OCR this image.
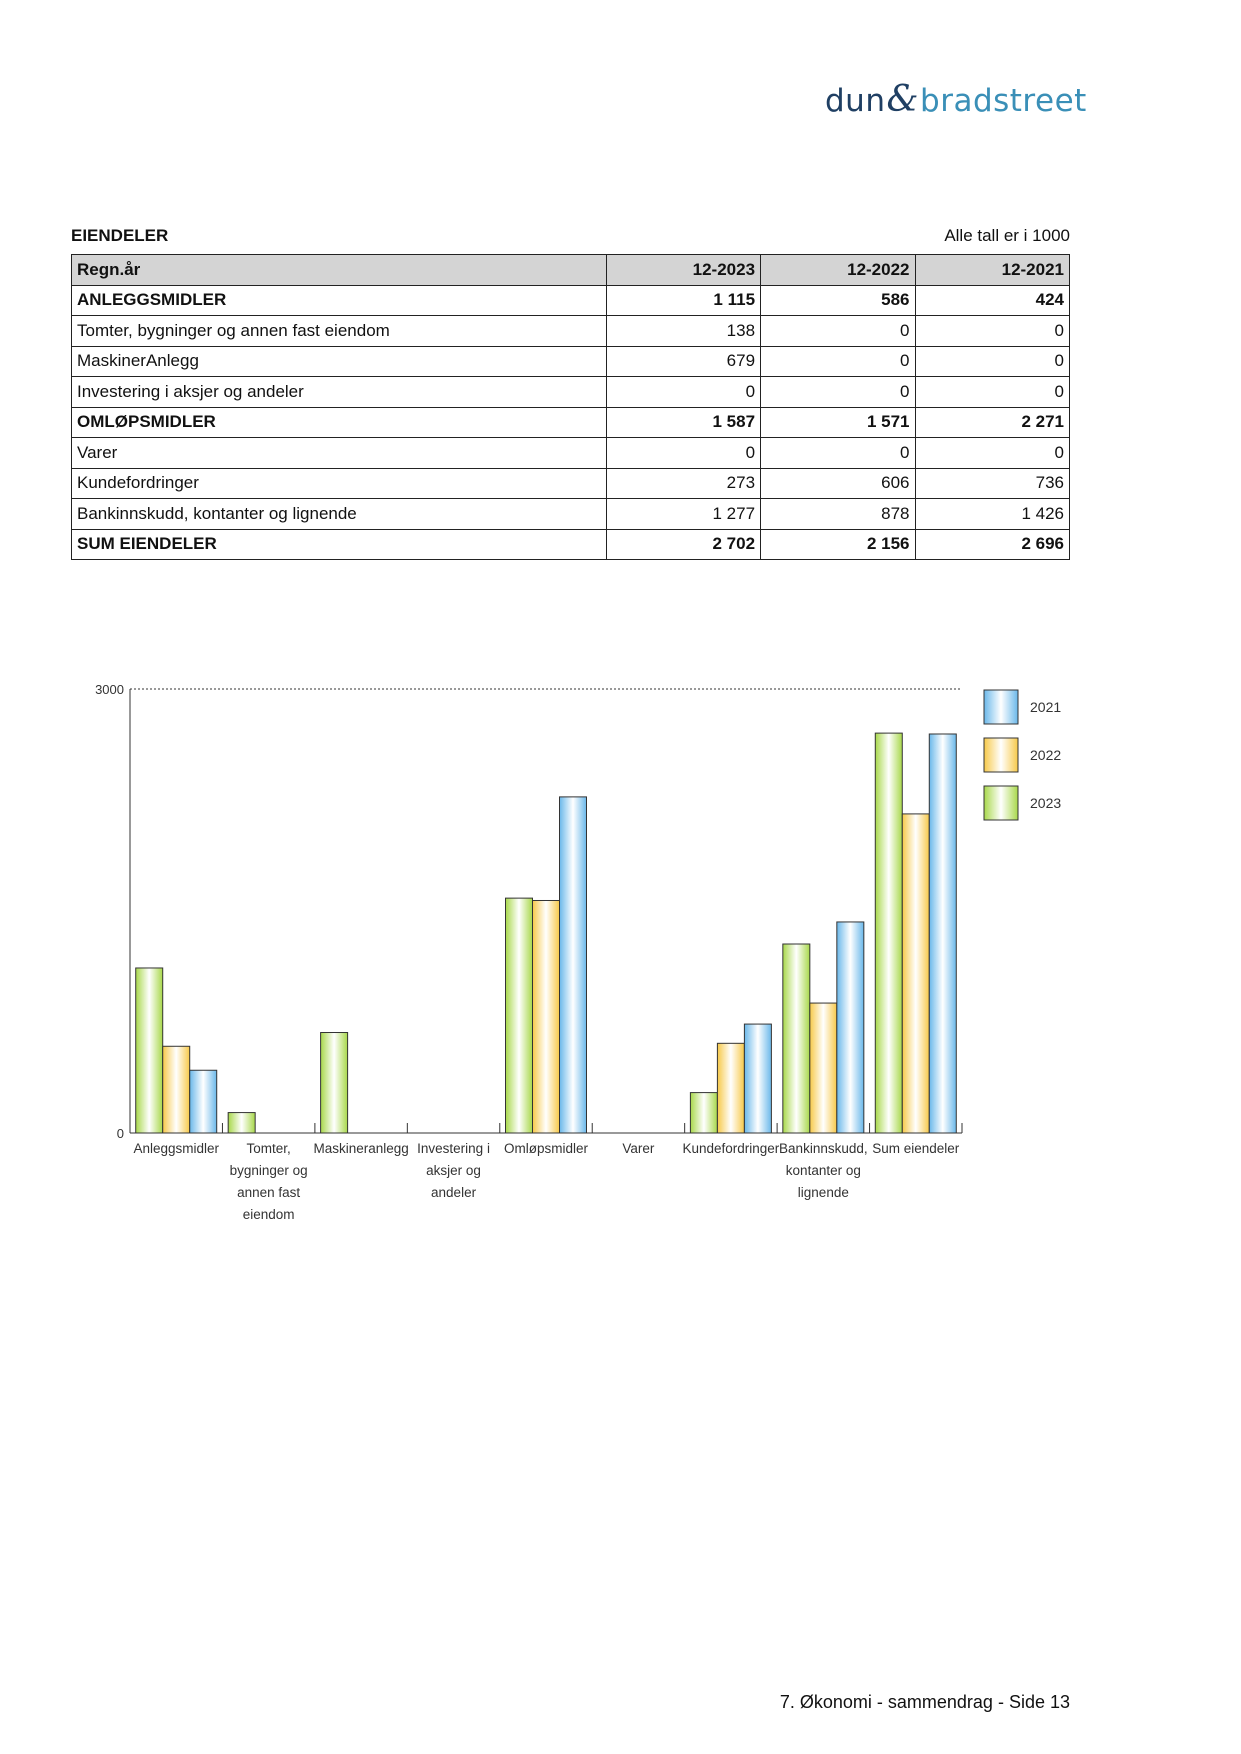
dun&bradstreet
EIENDELER	Alle tall er i 1000
Regn.år	12-2023	12-2022	12-2021
ANLEGGSMIDLER	1 115	586	424
Tomter, bygninger og annen fast eiendom	138	0	0
MaskinerAnlegg	679	0	0
Investering i aksjer og andeler	0	0	0
OMLØPSMIDLER	1 587	1 571	2 271
Varer	0	0	0
Kundefordringer	273	606	736
Bankinnskudd, kontanter og lignende	1 277	878	1 426
SUM EIENDELER	2 702	2 156	2 696
0
3000
Anleggsmidler Tomter,
bygninger og
annen fast
eiendom
Maskineranlegg Investering i
aksjer og
andeler
Omløpsmidler	Varer Kundefordringer Bankinnskudd,
kontanter og
lignende
Sum eiendeler
2021
2022
2023
7. Økonomi - sammendrag - Side 13
